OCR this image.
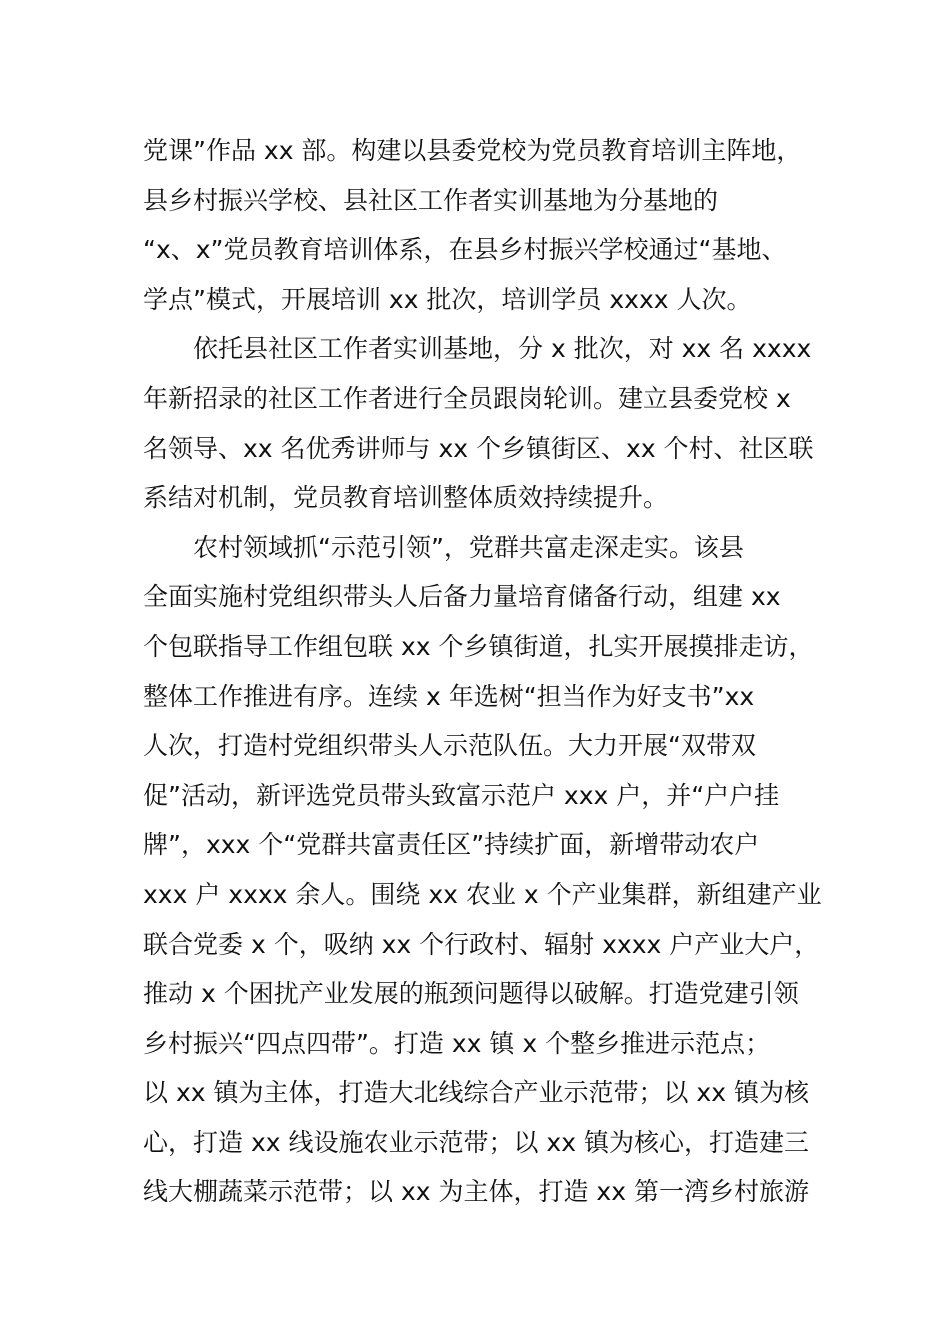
党课”作品 xx 部。构建以县委党校为党员教育培训主阵地，
县乡村振兴学校、县社区工作者实训基地为分基地的
“x、x”党员教育培训体系，在县乡村振兴学校通过“基地、
学点”模式，开展培训 xx 批次，培训学员 xxxx 人次。
依托县社区工作者实训基地，分 x 批次，对 xx 名 xxxx
年新招录的社区工作者进行全员跟岗轮训。建立县委党校 x
名领导、xx 名优秀讲师与 xx 个乡镇街区、xx 个村、社区联
系结对机制，党员教育培训整体质效持续提升。
农村领域抓“示范引领”，党群共富走深走实。该县
全面实施村党组织带头人后备力量培育储备行动，组建 xx
个包联指导工作组包联 xx 个乡镇街道，扎实开展摸排走访，
整体工作推进有序。连续 x 年选树“担当作为好支书”xx
人次，打造村党组织带头人示范队伍。大力开展“双带双
促”活动，新评选党员带头致富示范户 xxx 户，并“户户挂
牌”，xxx 个“党群共富责任区”持续扩面，新增带动农户
xxx 户 xxxx 余人。围绕 xx 农业 x 个产业集群，新组建产业
联合党委 x 个，吸纳 xx 个行政村、辐射 xxxx 户产业大户，
推动 x 个困扰产业发展的瓶颈问题得以破解。打造党建引领
乡村振兴“四点四带”。打造 xx 镇 x 个整乡推进示范点；
以 xx 镇为主体，打造大北线综合产业示范带；以 xx 镇为核
心，打造 xx 线设施农业示范带；以 xx 镇为核心，打造建三
线大棚蔬菜示范带；以 xx 为主体，打造 xx 第一湾乡村旅游
